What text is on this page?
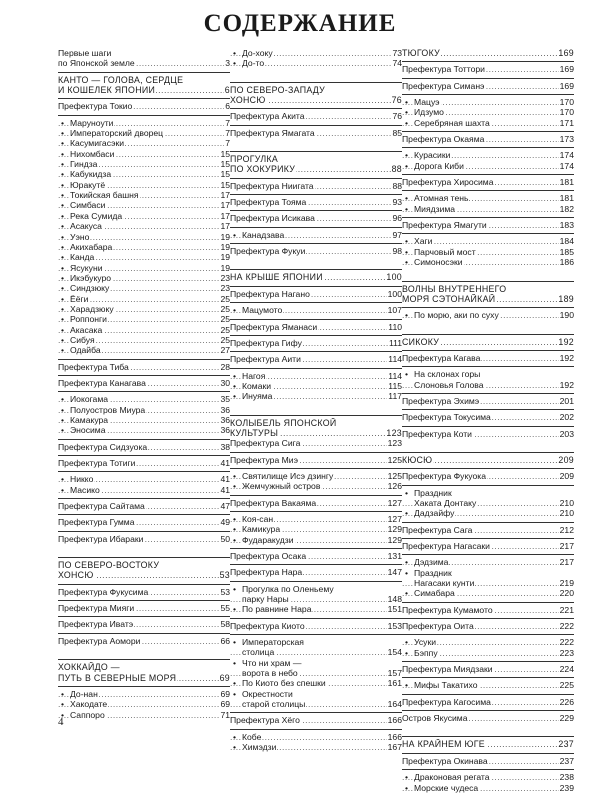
СОДЕРЖАНИЕ
Первые шаги
по Японской земле	3
.....
КАНТО — ГОЛОВА, СЕРДЦЕ
И КОШЕЛЕК ЯПОНИИ	6
.....
Префектура Токио	6
.....
• Маруноути	7
.....
• Императорский дворец	7
.....
• Касумигасэки	7
.....
• Нихомбаси	15
.....
• Гиндза	15
.....
• Кабукидза	15
.....
• Юракутё	15
.....
• Токийская башня	17
.....
• Симбаси	17
.....
• Река Сумида	17
.....
• Асакуса	17
.....
• Уэно	19
.....
• Акихабара	19
.....
• Канда	19
.....
• Ясукуни	19
.....
• Икэбукуро	23
.....
• Синдзюку	23
.....
• Ёёги	25
.....
• Харадзюку	25
.....
• Роппонги	25
.....
• Акасака	25
.....
• Сибуя	25
.....
• Одайба	27
.....
Префектура Тиба	28
.....
Префектура Канагава	30
.....
• Иокогама	35
.....
• Полуостров Миура	36
.....
• Камакура	36
.....
• Эносима	36
.....
Префектура Сидзуока	38
.....
Префектура Тотиги	41
.....
• Никко	41
.....
• Масико	41
.....
Префектура Сайтама	47
.....
Префектура Гумма	49
.....
Префектура Ибараки	50
.....
ПО СЕВЕРО-ВОСТОКУ
ХОНСЮ	53
.....
Префектура Фукусима	53
.....
Префектура Мияги	55
.....
Префектура Иватэ	58
.....
Префектура Аомори	66
.....
ХОККАЙДО —
ПУТЬ В СЕВЕРНЫЕ МОРЯ	69
.....
• До-нан	69
.....
• Хакодате	69
.....
• Саппоро	71
.....
• До-хоку	73
.....
• До-то	74
.....
ПО СЕВЕРО-ЗАПАДУ
ХОНСЮ	76
.....
Префектура Акита	76
.....
Префектура Ямагата	85
.....
ПРОГУЛКА
ПО ХОКУРИКУ	88
.....
Префектура Ниигата	88
.....
Префектура Тояма	93
.....
Префектура Исикава	96
.....
• Канадзава	97
.....
Префектура Фукуи	98
.....
НА КРЫШЕ ЯПОНИИ	100
.....
Префектура Нагано	100
.....
• Мацумото	107
.....
Префектура Яманаси	110
.....
Префектура Гифу	111
.....
Префектура Аити	114
.....
• Нагоя	114
.....
• Комаки	115
.....
• Инуяма	117
.....
КОЛЫБЕЛЬ ЯПОНСКОЙ
КУЛЬТУРЫ	123
.....
Префектура Сига	123
.....
Префектура Миэ	125
.....
• Святилище Исэ дзингу	125
.....
• Жемчужный остров	126
.....
Префектура Вакаяма	127
.....
• Коя-сан	127
.....
• Камикура	129
.....
• Фударакудзи	129
.....
Префектура Осака	131
.....
Префектура Нара	147
.....
• Прогулка по Оленьему
парку Нары	148
.....
• По равнине Нара	151
.....
Префектура Киото	153
.....
• Императорская
столица	154
.....
• Что ни храм —
ворота в небо	157
.....
• По Киото без спешки	161
.....
• Окрестности
старой столицы	164
.....
Префектура Хёго	166
.....
• Кобе	166
.....
• Химэдзи	167
.....
ТЮГОКУ	169
.....
Префектура Тоттори	169
.....
Префектура Симанэ	169
.....
• Мацуэ	170
.....
• Идзумо	170
.....
• Серебряная шахта	171
.....
Префектура Окаяма	173
.....
• Курасики	174
.....
• Дорога Киби	174
.....
Префектура Хиросима	181
.....
• Атомная тень	181
.....
• Миядзима	182
.....
Префектура Ямагути	183
.....
• Хаги	184
.....
• Парчовый мост	185
.....
• Симоносэки	186
.....
ВОЛНЫ ВНУТРЕННЕГО
МОРЯ СЭТОНАЙКАЙ	189
.....
• По морю, аки по суху	190
.....
СИКОКУ	192
.....
Префектура Кагава	192
.....
• На склонах горы
Слоновья Голова	192
.....
Префектура Эхимэ	201
.....
Префектура Токусима	202
.....
Префектура Коти	203
.....
КЮСЮ	209
.....
Префектура Фукуока	209
.....
• Праздник
Хаката Донтаку	210
.....
• Дадзайфу	210
.....
Префектура Сага	212
.....
Префектура Нагасаки	217
.....
• Дэдзима	217
.....
• Праздник
Нагасаки кунти	219
.....
• Симабара	220
.....
Префектура Кумамото	221
.....
Префектура Оита	222
.....
• Усуки	222
.....
• Бэппу	223
.....
Префектура Миядзаки	224
.....
• Мифы Такатихо	225
.....
Префектура Кагосима	226
.....
Остров Якусима	229
.....
НА КРАЙНЕМ ЮГЕ	237
.....
Префектура Окинава	237
.....
• Драконовая регата	238
.....
• Морские чудеса	239
.....
4
